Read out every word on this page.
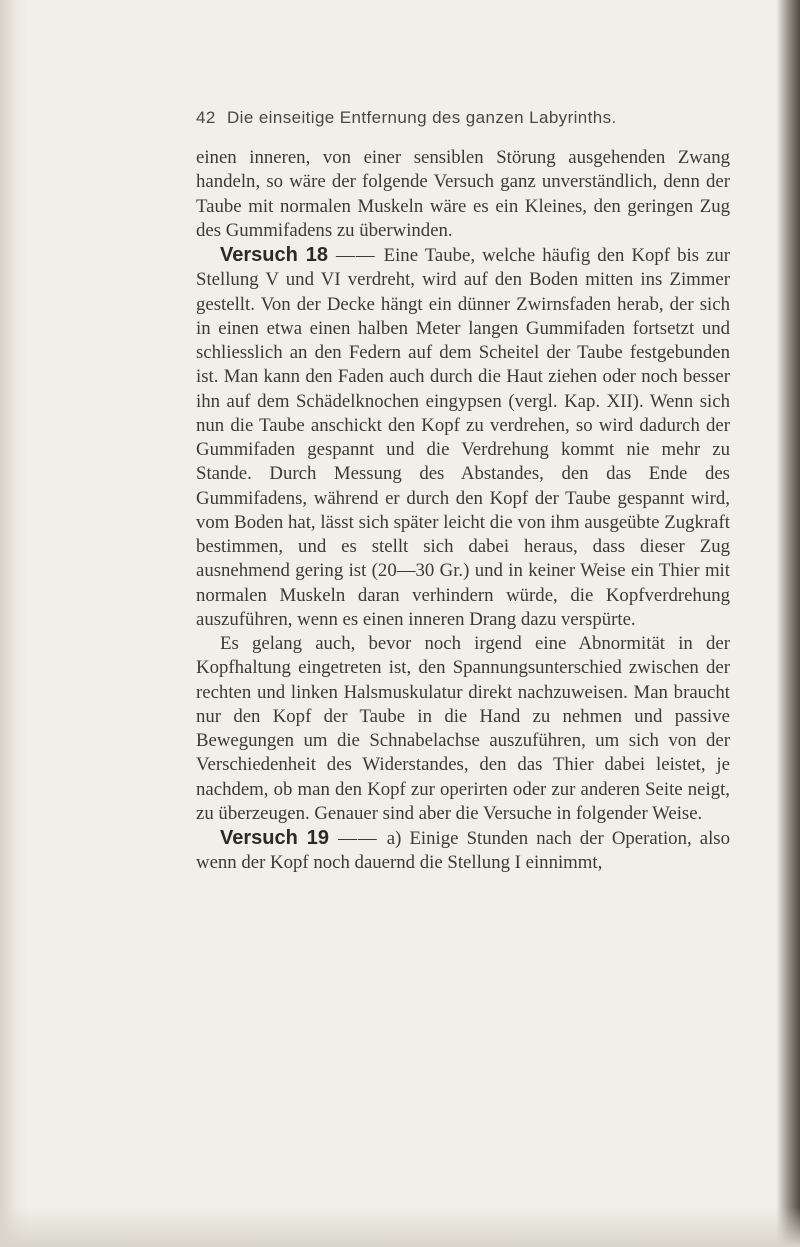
42 Die einseitige Entfernung des ganzen Labyrinths.

einen inneren, von einer sensiblen Störung ausgehenden Zwang handeln, so wäre der folgende Versuch ganz unverständlich, denn der Taube mit normalen Muskeln wäre es ein Kleines, den geringen Zug des Gummifadens zu überwinden.

Versuch 18 —— Eine Taube, welche häufig den Kopf bis zur Stellung V und VI verdreht, wird auf den Boden mitten ins Zimmer gestellt. Von der Decke hängt ein dünner Zwirnsfaden herab, der sich in einen etwa einen halben Meter langen Gummifaden fortsetzt und schliesslich an den Federn auf dem Scheitel der Taube festgebunden ist. Man kann den Faden auch durch die Haut ziehen oder noch besser ihn auf dem Schädelknochen eingypsen (vergl. Kap. XII). Wenn sich nun die Taube anschickt den Kopf zu verdrehen, so wird dadurch der Gummifaden gespannt und die Verdrehung kommt nie mehr zu Stande. Durch Messung des Abstandes, den das Ende des Gummifadens, während er durch den Kopf der Taube gespannt wird, vom Boden hat, lässt sich später leicht die von ihm ausgeübte Zugkraft bestimmen, und es stellt sich dabei heraus, dass dieser Zug ausnehmend gering ist (20—30 Gr.) und in keiner Weise ein Thier mit normalen Muskeln daran verhindern würde, die Kopfverdrehung auszuführen, wenn es einen inneren Drang dazu verspürte.

Es gelang auch, bevor noch irgend eine Abnormität in der Kopfhaltung eingetreten ist, den Spannungsunterschied zwischen der rechten und linken Halsmuskulatur direkt nachzuweisen. Man braucht nur den Kopf der Taube in die Hand zu nehmen und passive Bewegungen um die Schnabelachse auszuführen, um sich von der Verschiedenheit des Widerstandes, den das Thier dabei leistet, je nachdem, ob man den Kopf zur operirten oder zur anderen Seite neigt, zu überzeugen. Genauer sind aber die Versuche in folgender Weise.

Versuch 19 —— a) Einige Stunden nach der Operation, also wenn der Kopf noch dauernd die Stellung I einnimmt,
